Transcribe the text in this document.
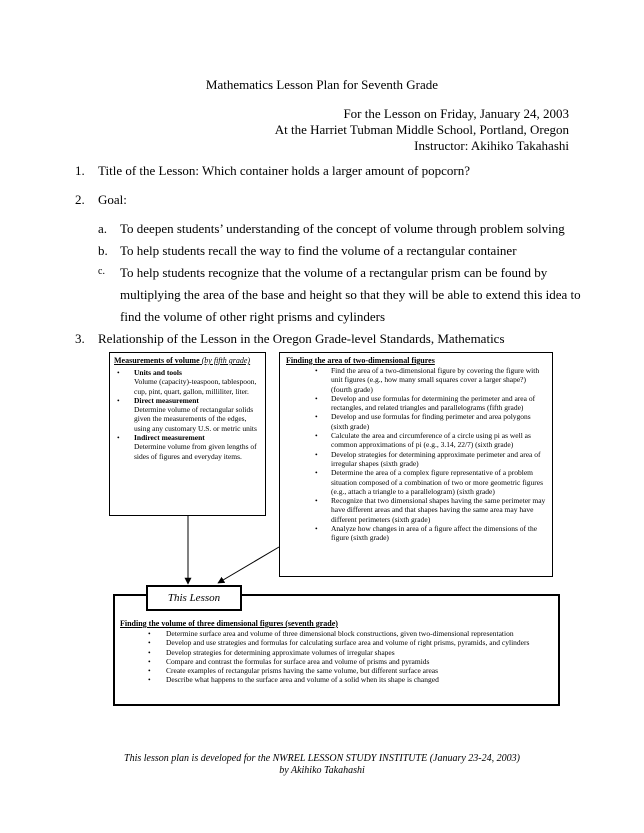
Mathematics Lesson Plan for Seventh Grade
For the Lesson on Friday, January 24, 2003
At the Harriet Tubman Middle School, Portland, Oregon
Instructor: Akihiko Takahashi
1.	Title of the Lesson: Which container holds a larger amount of popcorn?
2.	Goal:
a. To deepen students’ understanding of the concept of volume through problem solving
b. To help students recall the way to find the volume of a rectangular container
c.	To help students recognize that the volume of a rectangular prism can be found by
multiplying the area of the base and height so that they will be able to extend this idea to
find the volume of other right prisms and cylinders
3.	Relationship of the Lesson in the Oregon Grade-level Standards, Mathematics
Measurements of volume (by fifth grade)
• Units and tools
Volume (capacity)-teaspoon, tablespoon, cup, pint, quart, gallon, milliliter, liter.
• Direct measurement
Determine volume of rectangular solids given the measurements of the edges, using any customary U.S. or metric units
• Indirect measurement
Determine volume from given lengths of sides of figures and everyday items.
Finding the area of two-dimensional figures
• Find the area of a two-dimensional figure by covering the figure with unit figures (e.g., how many small squares cover a larger shape?) (fourth grade)
• Develop and use formulas for determining the perimeter and area of rectangles, and related triangles and parallelograms (fifth grade)
• Develop and use formulas for finding perimeter and area polygons (sixth grade)
• Calculate the area and circumference of a circle using pi as well as common approximations of pi (e.g., 3.14, 22/7) (sixth grade)
• Develop strategies for determining approximate perimeter and area of irregular shapes (sixth grade)
• Determine the area of a complex figure representative of a problem situation composed of a combination of two or more geometric figures (e.g., attach a triangle to a parallelogram) (sixth grade)
• Recognize that two dimensional shapes having the same perimeter may have different areas and that shapes having the same area may have different perimeters (sixth grade)
• Analyze how changes in area of a figure affect the dimensions of the figure (sixth grade)
Finding the volume of three dimensional figures (seventh grade)
• Determine surface area and volume of three dimensional block constructions, given two-dimensional representation
• Develop and use strategies and formulas for calculating surface area and volume of right prisms, pyramids, and cylinders
• Develop strategies for determining approximate volumes of irregular shapes
• Compare and contrast the formulas for surface area and volume of prisms and pyramids
• Create examples of rectangular prisms having the same volume, but different surface areas
• Describe what happens to the surface area and volume of a solid when its shape is changed
This Lesson
This lesson plan is developed for the NWREL LESSON STUDY INSTITUTE (January 23-24, 2003)
by Akihiko Takahashi
